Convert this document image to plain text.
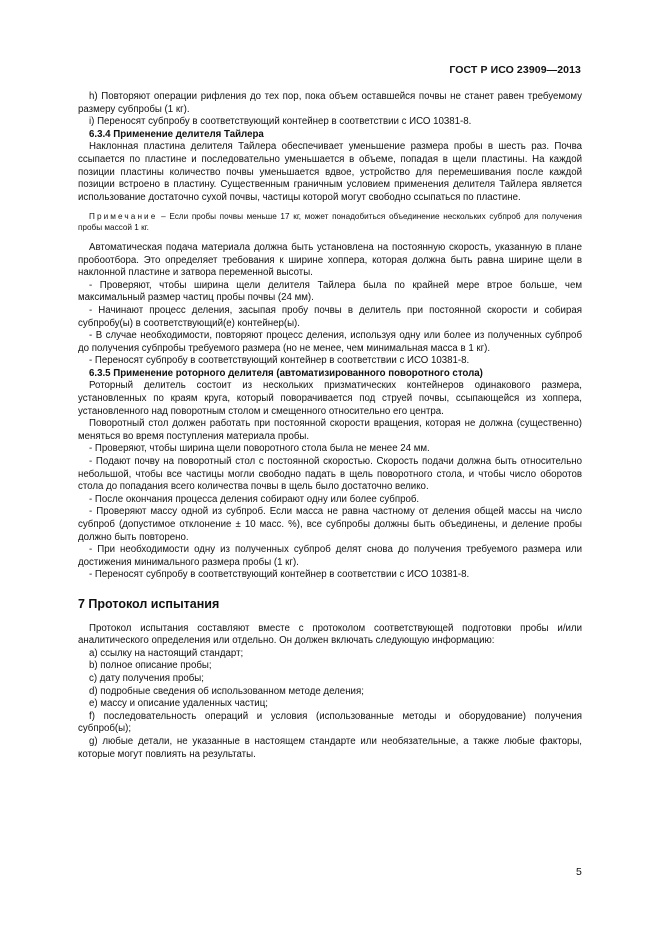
ГОСТ Р ИСО 23909—2013

h) Повторяют операции рифления до тех пор, пока объем оставшейся почвы не станет равен требуемому размеру субпробы (1 кг).

i) Переносят субпробу в соответствующий контейнер в соответствии с ИСО 10381-8.

6.3.4 Применение делителя Тайлера

Наклонная пластина делителя Тайлера обеспечивает уменьшение размера пробы в шесть раз. Почва ссыпается по пластине и последовательно уменьшается в объеме, попадая в щели пластины. На каждой позиции пластины количество почвы уменьшается вдвое, устройство для перемешивания после каждой позиции встроено в пластину. Существенным граничным условием применения делителя Тайлера является использование достаточно сухой почвы, частицы которой могут свободно ссыпаться по пластине.

Примечание – Если пробы почвы меньше 17 кг, может понадобиться объединение нескольких субпроб для получения пробы массой 1 кг.

Автоматическая подача материала должна быть установлена на постоянную скорость, указанную в плане пробоотбора. Это определяет требования к ширине хоппера, которая должна быть равна ширине щели в наклонной пластине и затвора переменной высоты.

- Проверяют, чтобы ширина щели делителя Тайлера была по крайней мере втрое больше, чем максимальный размер частиц пробы почвы (24 мм).

- Начинают процесс деления, засыпая пробу почвы в делитель при постоянной скорости и собирая субпробу(ы) в соответствующий(е) контейнер(ы).

- В случае необходимости, повторяют процесс деления, используя одну или более из полученных субпроб до получения субпробы требуемого размера (но не менее, чем минимальная масса в 1 кг).

- Переносят субпробу в соответствующий контейнер в соответствии с ИСО 10381-8.

6.3.5 Применение роторного делителя (автоматизированного поворотного стола)

Роторный делитель состоит из нескольких призматических контейнеров одинакового размера, установленных по краям круга, который поворачивается под струей почвы, ссыпающейся из хоппера, установленного над поворотным столом и смещенного относительно его центра.

Поворотный стол должен работать при постоянной скорости вращения, которая не должна (существенно) меняться во время поступления материала пробы.

- Проверяют, чтобы ширина щели поворотного стола была не менее 24 мм.

- Подают почву на поворотный стол с постоянной скоростью. Скорость подачи должна быть относительно небольшой, чтобы все частицы могли свободно падать в щель поворотного стола, и чтобы число оборотов стола до попадания всего количества почвы в щель было достаточно велико.

- После окончания процесса деления собирают одну или более субпроб.

- Проверяют массу одной из субпроб. Если масса не равна частному от деления общей массы на число субпроб (допустимое отклонение ± 10 масс. %), все субпробы должны быть объединены, и деление пробы должно быть повторено.

- При необходимости одну из полученных субпроб делят снова до получения требуемого размера или достижения минимального размера пробы (1 кг).

- Переносят субпробу в соответствующий контейнер в соответствии с ИСО 10381-8.

7 Протокол испытания

Протокол испытания составляют вместе с протоколом соответствующей подготовки пробы и/или аналитического определения или отдельно. Он должен включать следующую информацию:

а) ссылку на настоящий стандарт;

b) полное описание пробы;

c) дату получения пробы;

d) подробные сведения об использованном методе деления;

e) массу и описание удаленных частиц;

f) последовательность операций и условия (использованные методы и оборудование) получения субпроб(ы);

g) любые детали, не указанные в настоящем стандарте или необязательные, а также любые факторы, которые могут повлиять на результаты.

5
